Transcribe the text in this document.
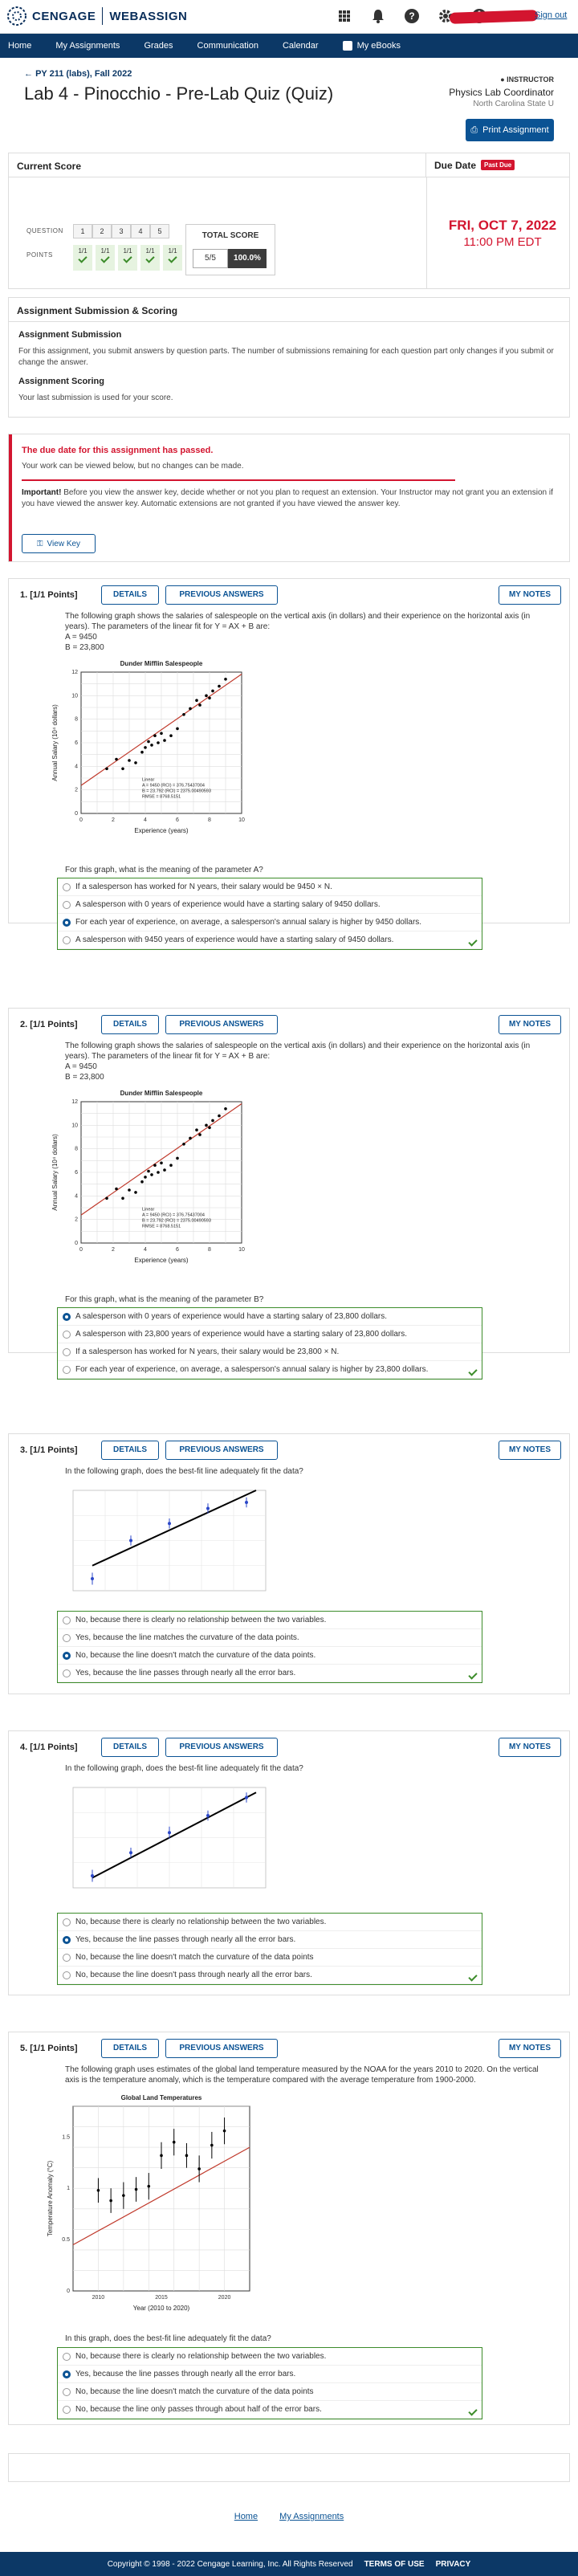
CENGAGE WEBASSIGN	?	Sign out
Home	My Assignments	Grades	Communication	Calendar	My eBooks
← PY 211 (labs), Fall 2022
Lab 4 - Pinocchio - Pre-Lab Quiz (Quiz)
● INSTRUCTOR
Physics Lab Coordinator
North Carolina State U
⎙ Print Assignment
Current Score	Due Date	Past Due
QUESTION
POINTS
1	2	3	4	5
1/1	1/1	1/1	1/1	1/1
TOTAL SCORE
5/5	100.0%
FRI, OCT 7, 2022
11:00 PM EDT
Assignment Submission & Scoring
Assignment Submission
For this assignment, you submit answers by question parts. The number of submissions remaining for each question part only changes if you submit or change the answer.
Assignment Scoring
Your last submission is used for your score.
The due date for this assignment has passed.
Your work can be viewed below, but no changes can be made.
Important! Before you view the answer key, decide whether or not you plan to request an extension. Your Instructor may not grant you an extension if you have viewed the answer key. Automatic extensions are not granted if you have viewed the answer key.
⚿ View Key
1. [1/1 Points]	DETAILS	PREVIOUS ANSWERS	MY NOTES
The following graph shows the salaries of salespeople on the vertical axis (in dollars) and their experience on the horizontal axis (in years). The parameters of the linear fit for Y = AX + B are:
A = 9450
B = 23,800
0	2	4	6	8	10
0
2
4
6
8
10
12
Dunder Mifflin Salespeople
Experience (years)
Annual Salary (10⁴ dollars)	Linear
A = 9450 (RCI) = 376.75437004
B = 23.792 (RCI) = 2375.00490593
RMSE = 8768.5151
For this graph, what is the meaning of the parameter A?
If a salesperson has worked for N years, their salary would be 9450 × N.
A salesperson with 0 years of experience would have a starting salary of 9450 dollars.
For each year of experience, on average, a salesperson's annual salary is higher by 9450 dollars.
A salesperson with 9450 years of experience would have a starting salary of 9450 dollars.
2. [1/1 Points]	DETAILS	PREVIOUS ANSWERS	MY NOTES
The following graph shows the salaries of salespeople on the vertical axis (in dollars) and their experience on the horizontal axis (in years). The parameters of the linear fit for Y = AX + B are:
A = 9450
B = 23,800
0	2	4	6	8	10
0
2
4
6
8
10
12
Dunder Mifflin Salespeople
Experience (years)
Annual Salary (10⁴ dollars)	Linear
A = 9450 (RCI) = 376.75437004
B = 23.792 (RCI) = 2375.00490593
RMSE = 8768.5151
For this graph, what is the meaning of the parameter B?
A salesperson with 0 years of experience would have a starting salary of 23,800 dollars.
A salesperson with 23,800 years of experience would have a starting salary of 23,800 dollars.
If a salesperson has worked for N years, their salary would be 23,800 × N.
For each year of experience, on average, a salesperson's annual salary is higher by 23,800 dollars.
3. [1/1 Points]	DETAILS	PREVIOUS ANSWERS	MY NOTES
In the following graph, does the best-fit line adequately fit the data?
No, because there is clearly no relationship between the two variables.
Yes, because the line matches the curvature of the data points.
No, because the line doesn't match the curvature of the data points.
Yes, because the line passes through nearly all the error bars.
4. [1/1 Points]	DETAILS	PREVIOUS ANSWERS	MY NOTES
In the following graph, does the best-fit line adequately fit the data?
No, because there is clearly no relationship between the two variables.
Yes, because the line passes through nearly all the error bars.
No, because the line doesn't match the curvature of the data points
No, because the line doesn't pass through nearly all the error bars.
5. [1/1 Points]	DETAILS	PREVIOUS ANSWERS	MY NOTES
The following graph uses estimates of the global land temperature measured by the NOAA for the years 2010 to 2020. On the vertical axis is the temperature anomaly, which is the temperature compared with the average temperature from 1900-2000.
2010	2015	2020
0
0.5
1
1.5
Global Land Temperatures
Year (2010 to 2020)
Temperature Anomaly (°C)
In this graph, does the best-fit line adequately fit the data?
No, because there is clearly no relationship between the two variables.
Yes, because the line passes through nearly all the error bars.
No, because the line doesn't match the curvature of the data points
No, because the line only passes through about half of the error bars.
Home My Assignments
Copyright © 1998 - 2022 Cengage Learning, Inc. All Rights Reserved TERMS OF USE PRIVACY
